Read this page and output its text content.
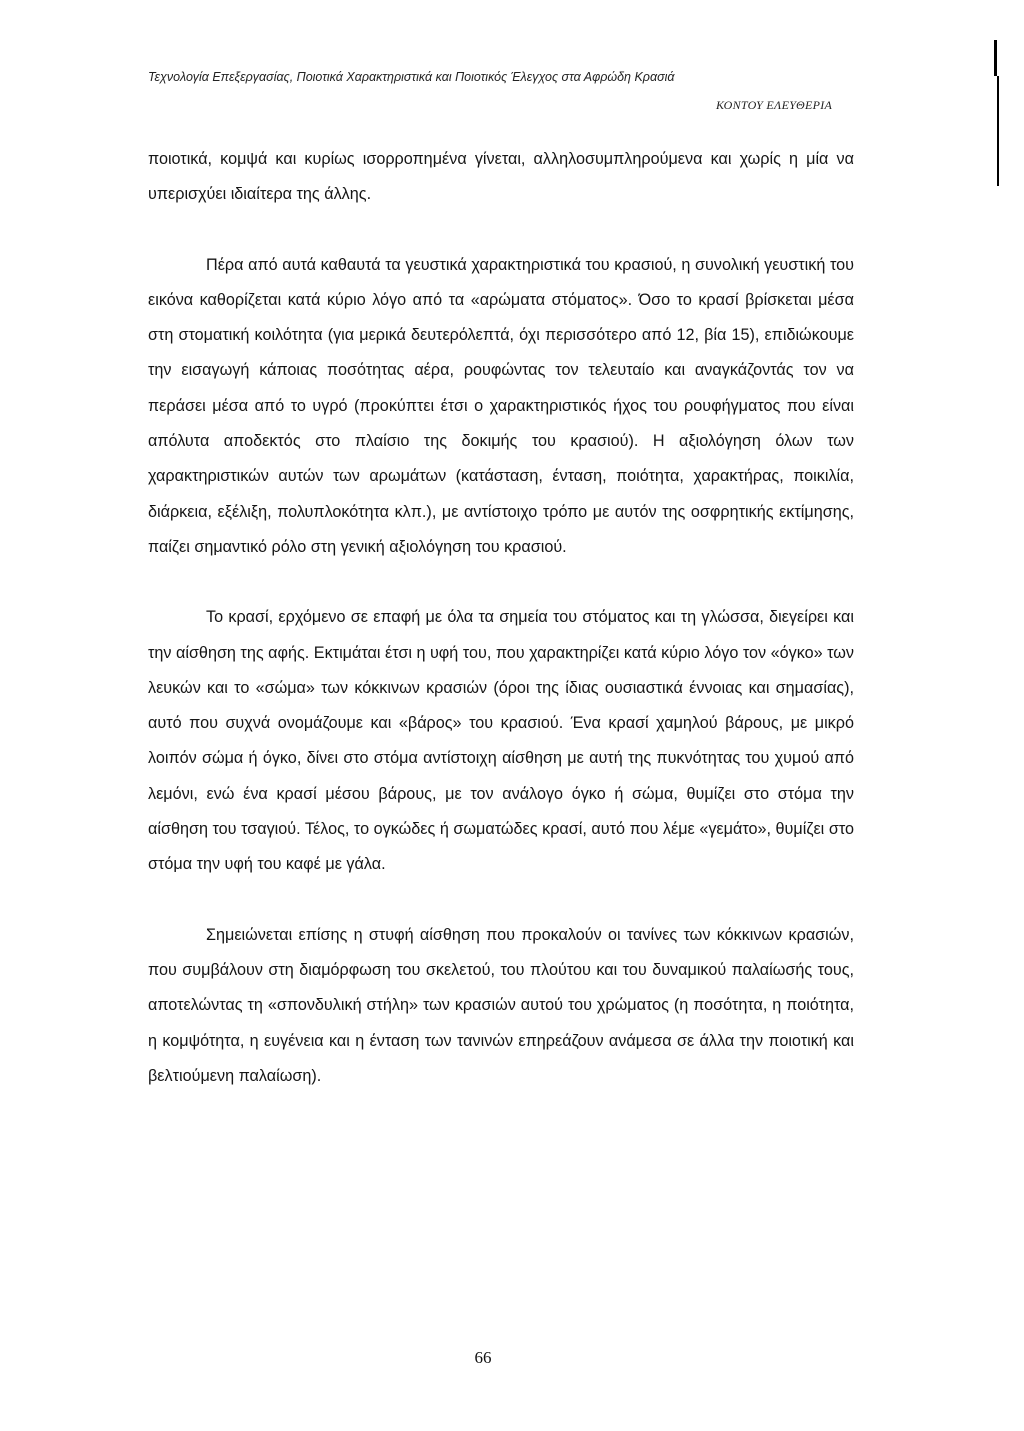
Τεχνολογία Επεξεργασίας, Ποιοτικά Χαρακτηριστικά και Ποιοτικός Έλεγχος στα Αφρώδη Κρασιά
ΚΟΝΤΟΥ ΕΛΕΥΘΕΡΙΑ

ποιοτικά, κομψά και κυρίως ισορροπημένα γίνεται, αλληλοσυμπληρούμενα και χωρίς η μία να υπερισχύει ιδιαίτερα της άλλης.

Πέρα από αυτά καθαυτά τα γευστικά χαρακτηριστικά του κρασιού, η συνολική γευστική του εικόνα καθορίζεται κατά κύριο λόγο από τα «αρώματα στόματος». Όσο το κρασί βρίσκεται μέσα στη στοματική κοιλότητα (για μερικά δευτερόλεπτά, όχι περισσότερο από 12, βία 15), επιδιώκουμε την εισαγωγή κάποιας ποσότητας αέρα, ρουφώντας τον τελευταίο και αναγκάζοντάς τον να περάσει μέσα από το υγρό (προκύπτει έτσι ο χαρακτηριστικός ήχος του ρουφήγματος που είναι απόλυτα αποδεκτός στο πλαίσιο της δοκιμής του κρασιού). Η αξιολόγηση όλων των χαρακτηριστικών αυτών των αρωμάτων (κατάσταση, ένταση, ποιότητα, χαρακτήρας, ποικιλία, διάρκεια, εξέλιξη, πολυπλοκότητα κλπ.), με αντίστοιχο τρόπο με αυτόν της οσφρητικής εκτίμησης, παίζει σημαντικό ρόλο στη γενική αξιολόγηση του κρασιού.

Το κρασί, ερχόμενο σε επαφή με όλα τα σημεία του στόματος και τη γλώσσα, διεγείρει και την αίσθηση της αφής. Εκτιμάται έτσι η υφή του, που χαρακτηρίζει κατά κύριο λόγο τον «όγκο» των λευκών και το «σώμα» των κόκκινων κρασιών (όροι της ίδιας ουσιαστικά έννοιας και σημασίας), αυτό που συχνά ονομάζουμε και «βάρος» του κρασιού. Ένα κρασί χαμηλού βάρους, με μικρό λοιπόν σώμα ή όγκο, δίνει στο στόμα αντίστοιχη αίσθηση με αυτή της πυκνότητας του χυμού από λεμόνι, ενώ ένα κρασί μέσου βάρους, με τον ανάλογο όγκο ή σώμα, θυμίζει στο στόμα την αίσθηση του τσαγιού. Τέλος, το ογκώδες ή σωματώδες κρασί, αυτό που λέμε «γεμάτο», θυμίζει στο στόμα την υφή του καφέ με γάλα.

Σημειώνεται επίσης η στυφή αίσθηση που προκαλούν οι τανίνες των κόκκινων κρασιών, που συμβάλουν στη διαμόρφωση του σκελετού, του πλούτου και του δυναμικού παλαίωσής τους, αποτελώντας τη «σπονδυλική στήλη» των κρασιών αυτού του χρώματος (η ποσότητα, η ποιότητα, η κομψότητα, η ευγένεια και η ένταση των τανινών επηρεάζουν ανάμεσα σε άλλα την ποιοτική και βελτιούμενη παλαίωση).

66
